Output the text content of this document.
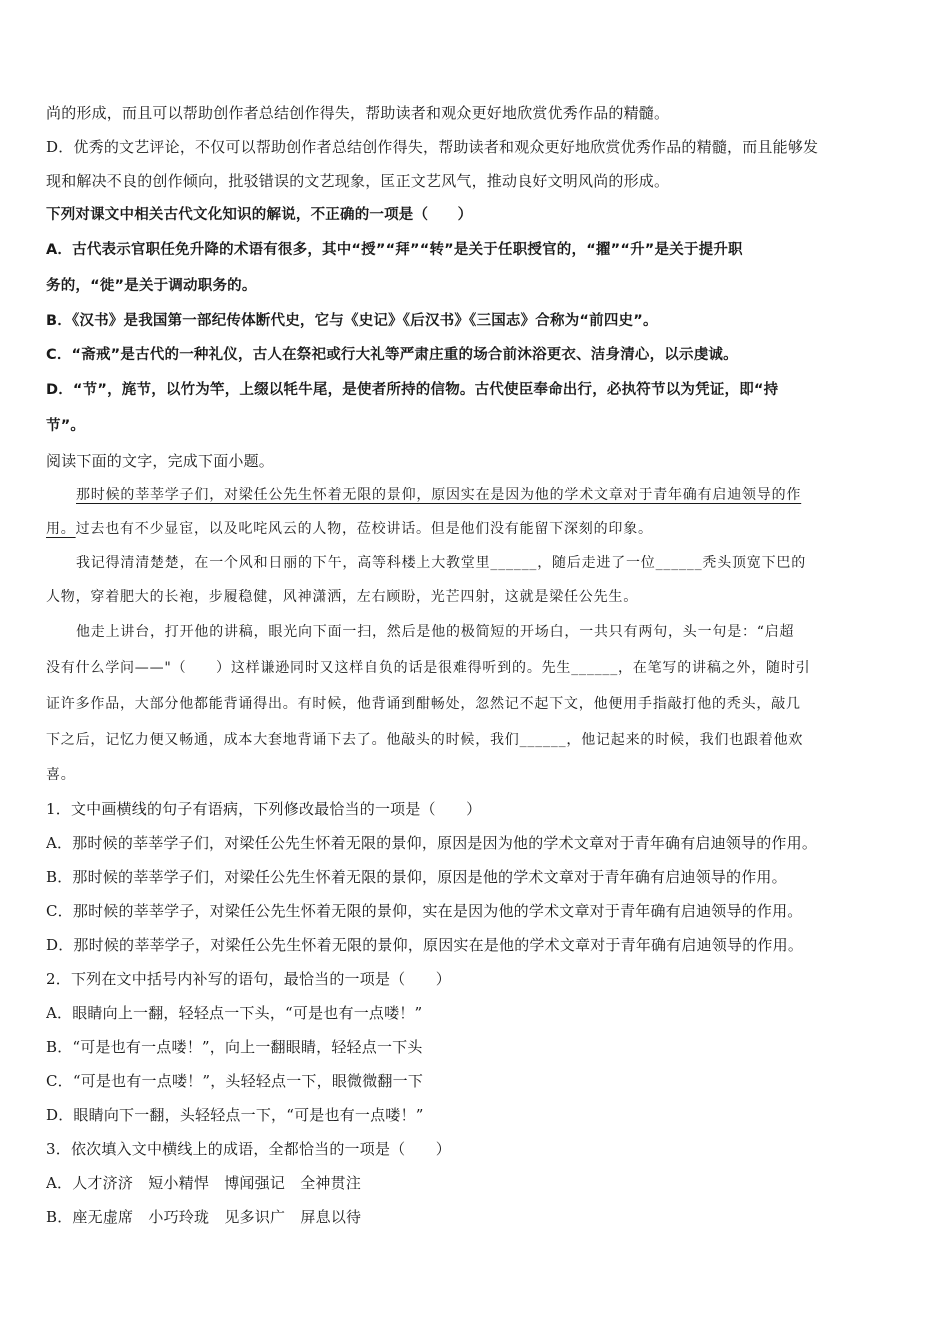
尚的形成，而且可以帮助创作者总结创作得失，帮助读者和观众更好地欣赏优秀作品的精髓。
D．优秀的文艺评论，不仅可以帮助创作者总结创作得失，帮助读者和观众更好地欣赏优秀作品的精髓，而且能够发
现和解决不良的创作倾向，批驳错误的文艺现象，匡正文艺风气，推动良好文明风尚的形成。
下列对课文中相关古代文化知识的解说，不正确的一项是（　　）
A．古代表示官职任免升降的术语有很多，其中“授”“拜”“转”是关于任职授官的，“擢”“升”是关于提升职
务的，“徙”是关于调动职务的。
B．《汉书》是我国第一部纪传体断代史，它与《史记》《后汉书》《三国志》合称为“前四史”。
C．“斋戒”是古代的一种礼仪，古人在祭祀或行大礼等严肃庄重的场合前沐浴更衣、洁身清心，以示虔诚。
D．“节”，旄节，以竹为竿，上缀以牦牛尾，是使者所持的信物。古代使臣奉命出行，必执符节以为凭证，即“持
节”。
阅读下面的文字，完成下面小题。
那时候的莘莘学子们，对梁任公先生怀着无限的景仰，原因实在是因为他的学术文章对于青年确有启迪领导的作
用。过去也有不少显宦，以及叱咤风云的人物，莅校讲话。但是他们没有能留下深刻的印象。
我记得清清楚楚，在一个风和日丽的下午，高等科楼上大教堂里______，随后走进了一位______秃头顶宽下巴的
人物，穿着肥大的长袍，步履稳健，风神潇洒，左右顾盼，光芒四射，这就是梁任公先生。
他走上讲台，打开他的讲稿，眼光向下面一扫，然后是他的极简短的开场白，一共只有两句，头一句是：“启超
没有什么学问——"（　　）这样谦逊同时又这样自负的话是很难得听到的。先生______，在笔写的讲稿之外，随时引
证许多作品，大部分他都能背诵得出。有时候，他背诵到酣畅处，忽然记不起下文，他便用手指敲打他的秃头，敲几
下之后，记忆力便又畅通，成本大套地背诵下去了。他敲头的时候，我们______，他记起来的时候，我们也跟着他欢
喜。
1．文中画横线的句子有语病，下列修改最恰当的一项是（　　）
A．那时候的莘莘学子们，对梁任公先生怀着无限的景仰，原因是因为他的学术文章对于青年确有启迪领导的作用。
B．那时候的莘莘学子们，对梁任公先生怀着无限的景仰，原因是他的学术文章对于青年确有启迪领导的作用。
C．那时候的莘莘学子，对梁任公先生怀着无限的景仰，实在是因为他的学术文章对于青年确有启迪领导的作用。
D．那时候的莘莘学子，对梁任公先生怀着无限的景仰，原因实在是他的学术文章对于青年确有启迪领导的作用。
2．下列在文中括号内补写的语句，最恰当的一项是（　　）
A．眼睛向上一翻，轻轻点一下头，“可是也有一点喽！”
B．“可是也有一点喽！”，向上一翻眼睛，轻轻点一下头
C．“可是也有一点喽！”，头轻轻点一下，眼微微翻一下
D．眼睛向下一翻，头轻轻点一下，“可是也有一点喽！”
3．依次填入文中横线上的成语，全都恰当的一项是（　　）
A．人才济济　短小精悍　博闻强记　全神贯注
B．座无虚席　小巧玲珑　见多识广　屏息以待
